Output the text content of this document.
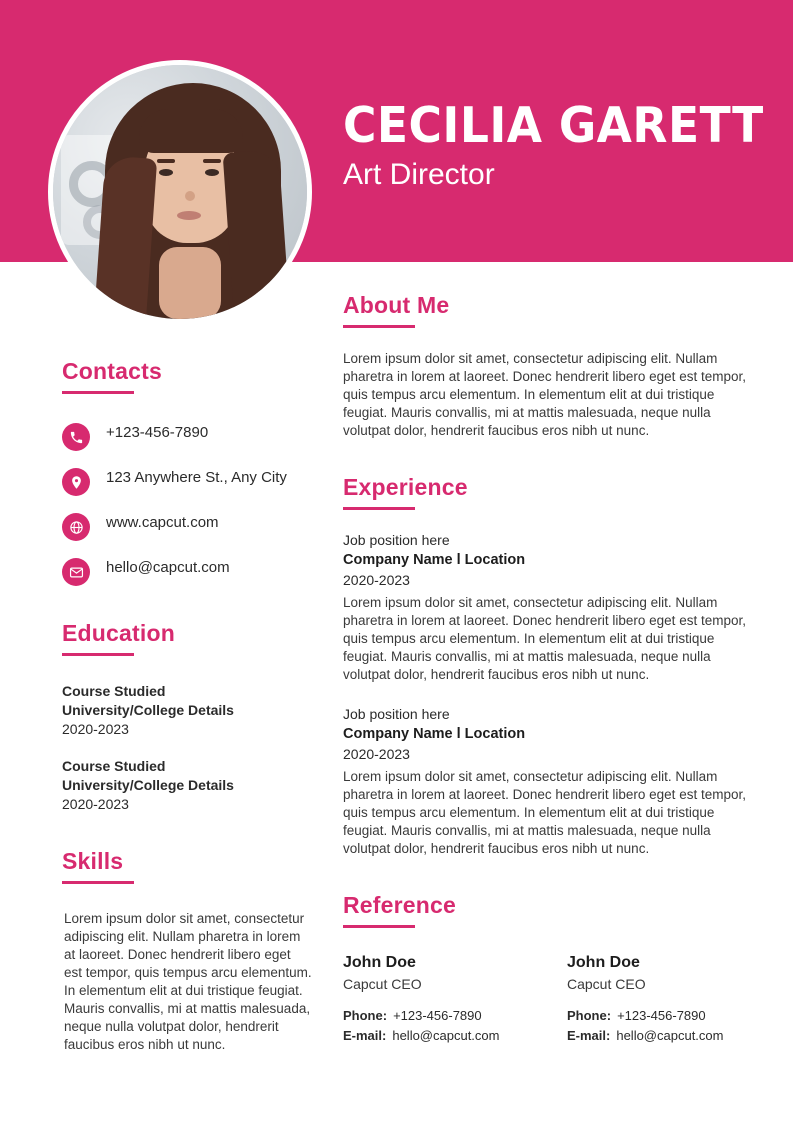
CECILIA GARETT
Art Director
Contacts
+123-456-7890
123 Anywhere St., Any City
www.capcut.com
hello@capcut.com
Education
Course Studied
University/College Details
2020-2023
Course Studied
University/College Details
2020-2023
Skills
Lorem ipsum dolor sit amet, consectetur adipiscing elit. Nullam pharetra in lorem at laoreet. Donec hendrerit libero eget est tempor, quis tempus arcu elementum. In elementum elit at dui tristique feugiat. Mauris convallis, mi at mattis malesuada, neque nulla volutpat dolor, hendrerit faucibus eros nibh ut nunc.
About Me
Lorem ipsum dolor sit amet, consectetur adipiscing elit. Nullam pharetra in lorem at laoreet. Donec hendrerit libero eget est tempor, quis tempus arcu elementum. In elementum elit at dui tristique feugiat. Mauris convallis, mi at mattis malesuada, neque nulla volutpat dolor, hendrerit faucibus eros nibh ut nunc.
Experience
Job position here
Company Name l Location
2020-2023
Lorem ipsum dolor sit amet, consectetur adipiscing elit. Nullam pharetra in lorem at laoreet. Donec hendrerit libero eget est tempor, quis tempus arcu elementum. In elementum elit at dui tristique feugiat. Mauris convallis, mi at mattis malesuada, neque nulla volutpat dolor, hendrerit faucibus eros nibh ut nunc.
Job position here
Company Name l Location
2020-2023
Lorem ipsum dolor sit amet, consectetur adipiscing elit. Nullam pharetra in lorem at laoreet. Donec hendrerit libero eget est tempor, quis tempus arcu elementum. In elementum elit at dui tristique feugiat. Mauris convallis, mi at mattis malesuada, neque nulla volutpat dolor, hendrerit faucibus eros nibh ut nunc.
Reference
John Doe
Capcut CEO
Phone: +123-456-7890
E-mail: hello@capcut.com
John Doe
Capcut CEO
Phone: +123-456-7890
E-mail: hello@capcut.com
